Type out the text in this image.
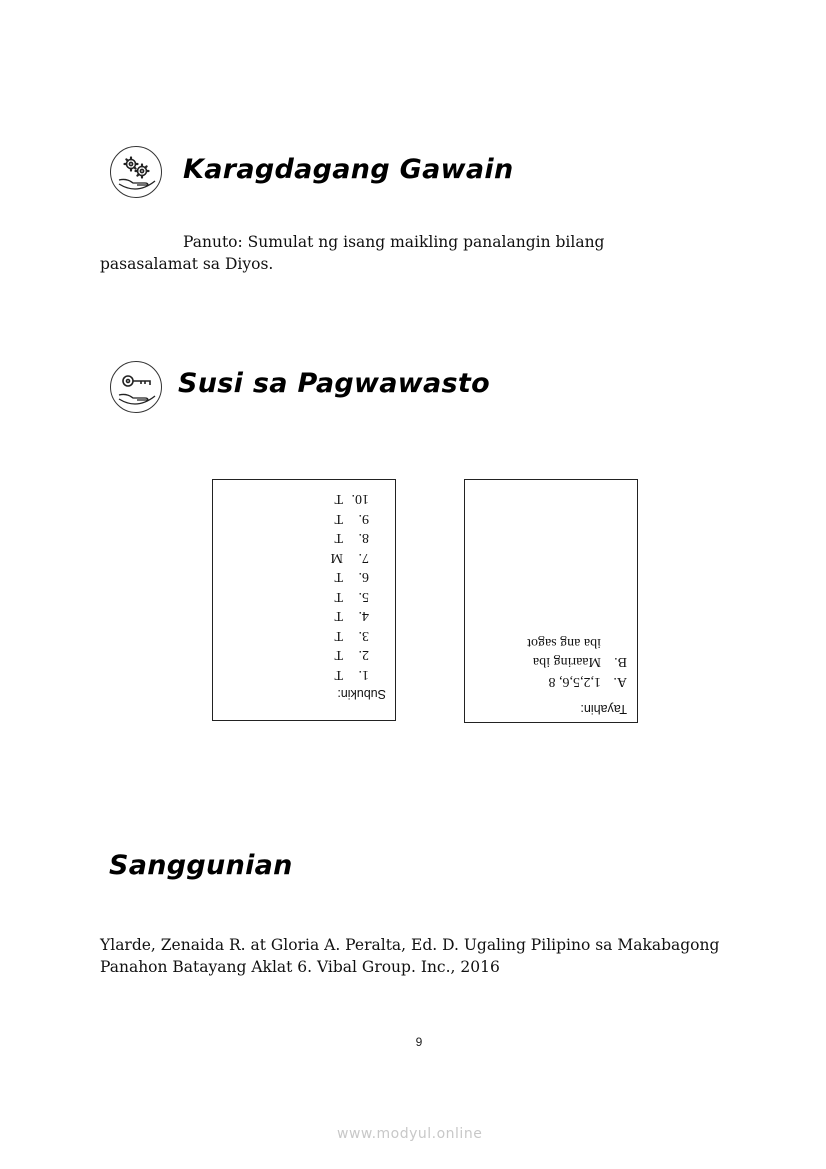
Karagdagang Gawain
Panuto: Sumulat ng isang maikling panalangin bilang
pasasalamat sa Diyos.
Susi sa Pagwawasto
Subukin:
1.
T
2.
T
3.
T
4.
T
5.
T
6.
T
7.
M
8.
T
9.
T
10.
T
Tayahin:
A.
1,2,5,6, 8
B.
Maaring iba
iba ang sagot
Sanggunian
Ylarde, Zenaida R. at Gloria A. Peralta, Ed. D. Ugaling Pilipino sa Makabagong
Panahon Batayang Aklat 6. Vibal Group. Inc., 2016
9
www.modyul.online
